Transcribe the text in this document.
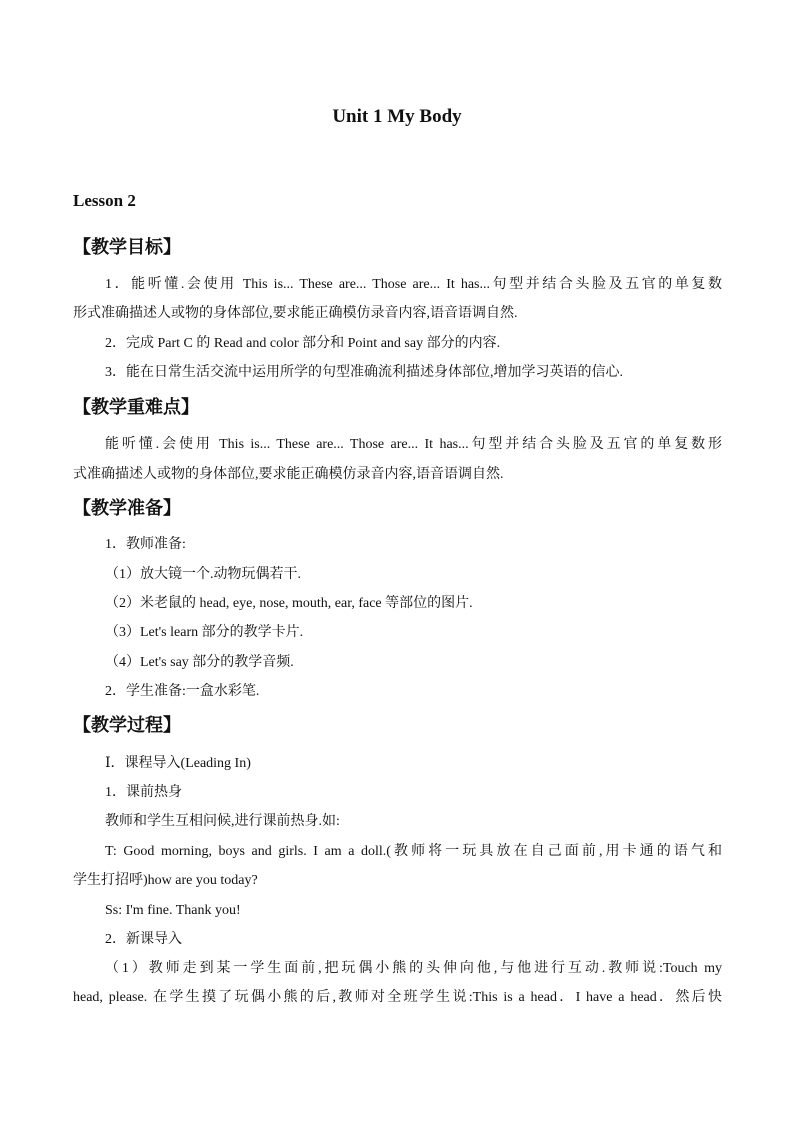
Unit 1 My Body
Lesson 2
【教学目标】
1．能听懂.会使用 This is... These are... Those are... It has...句型并结合头脸及五官的单复数
形式准确描述人或物的身体部位,要求能正确模仿录音内容,语音语调自然.
2．完成 Part C 的 Read and color 部分和 Point and say 部分的内容.
3．能在日常生活交流中运用所学的句型准确流利描述身体部位,增加学习英语的信心.
【教学重难点】
能听懂.会使用 This is... These are... Those are... It has...句型并结合头脸及五官的单复数形
式准确描述人或物的身体部位,要求能正确模仿录音内容,语音语调自然.
【教学准备】
1．教师准备:
（1）放大镜一个.动物玩偶若干.
（2）米老鼠的 head, eye, nose, mouth, ear, face 等部位的图片.
（3）Let's learn 部分的教学卡片.
（4）Let's say 部分的教学音频.
2．学生准备:一盒水彩笔.
【教学过程】
Ⅰ．课程导入(Leading In)
1．课前热身
教师和学生互相问候,进行课前热身.如:
T: Good morning, boys and girls. I am a doll.(教师将一玩具放在自己面前,用卡通的语气和
学生打招呼)how are you today?
Ss: I'm fine. Thank you!
2．新课导入
（1）教师走到某一学生面前,把玩偶小熊的头伸向他,与他进行互动.教师说:Touch my
head, please. 在学生摸了玩偶小熊的后,教师对全班学生说:This is a head．I have a head．然后快
